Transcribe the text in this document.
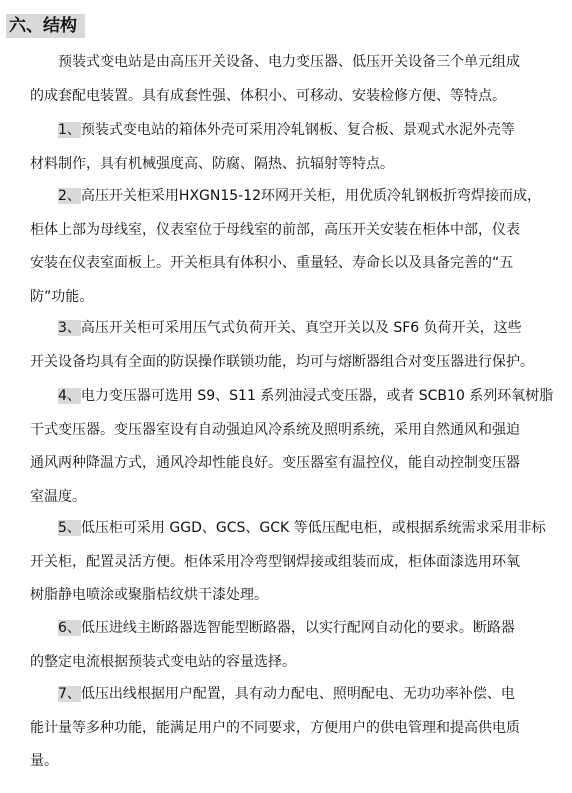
六、结构
预装式变电站是由高压开关设备、电力变压器、低压开关设备三个单元组成
的成套配电装置。具有成套性强、体积小、可移动、安装检修方便、等特点。
1、预装式变电站的箱体外壳可采用冷轧钢板、复合板、景观式水泥外壳等
材料制作，具有机械强度高、防腐、隔热、抗辐射等特点。
2、高压开关柜采用HXGN15-12环网开关柜，用优质冷轧钢板折弯焊接而成，
柜体上部为母线室，仪表室位于母线室的前部，高压开关安装在柜体中部，仪表
安装在仪表室面板上。开关柜具有体积小、重量轻、寿命长以及具备完善的“五
防”功能。
3、高压开关柜可采用压气式负荷开关、真空开关以及 SF6 负荷开关，这些
开关设备均具有全面的防误操作联锁功能，均可与熔断器组合对变压器进行保护。
4、电力变压器可选用 S9、S11 系列油浸式变压器，或者 SCB10 系列环氧树脂
干式变压器。变压器室设有自动强迫风冷系统及照明系统，采用自然通风和强迫
通风两种降温方式，通风冷却性能良好。变压器室有温控仪，能自动控制变压器
室温度。
5、低压柜可采用 GGD、GCS、GCK 等低压配电柜，或根据系统需求采用非标
开关柜，配置灵活方便。柜体采用冷弯型钢焊接或组装而成，柜体面漆选用环氧
树脂静电喷涂或聚脂桔纹烘干漆处理。
6、低压进线主断路器选智能型断路器，以实行配网自动化的要求。断路器
的整定电流根据预装式变电站的容量选择。
7、低压出线根据用户配置，具有动力配电、照明配电、无功功率补偿、电
能计量等多种功能，能满足用户的不同要求，方便用户的供电管理和提高供电质
量。
